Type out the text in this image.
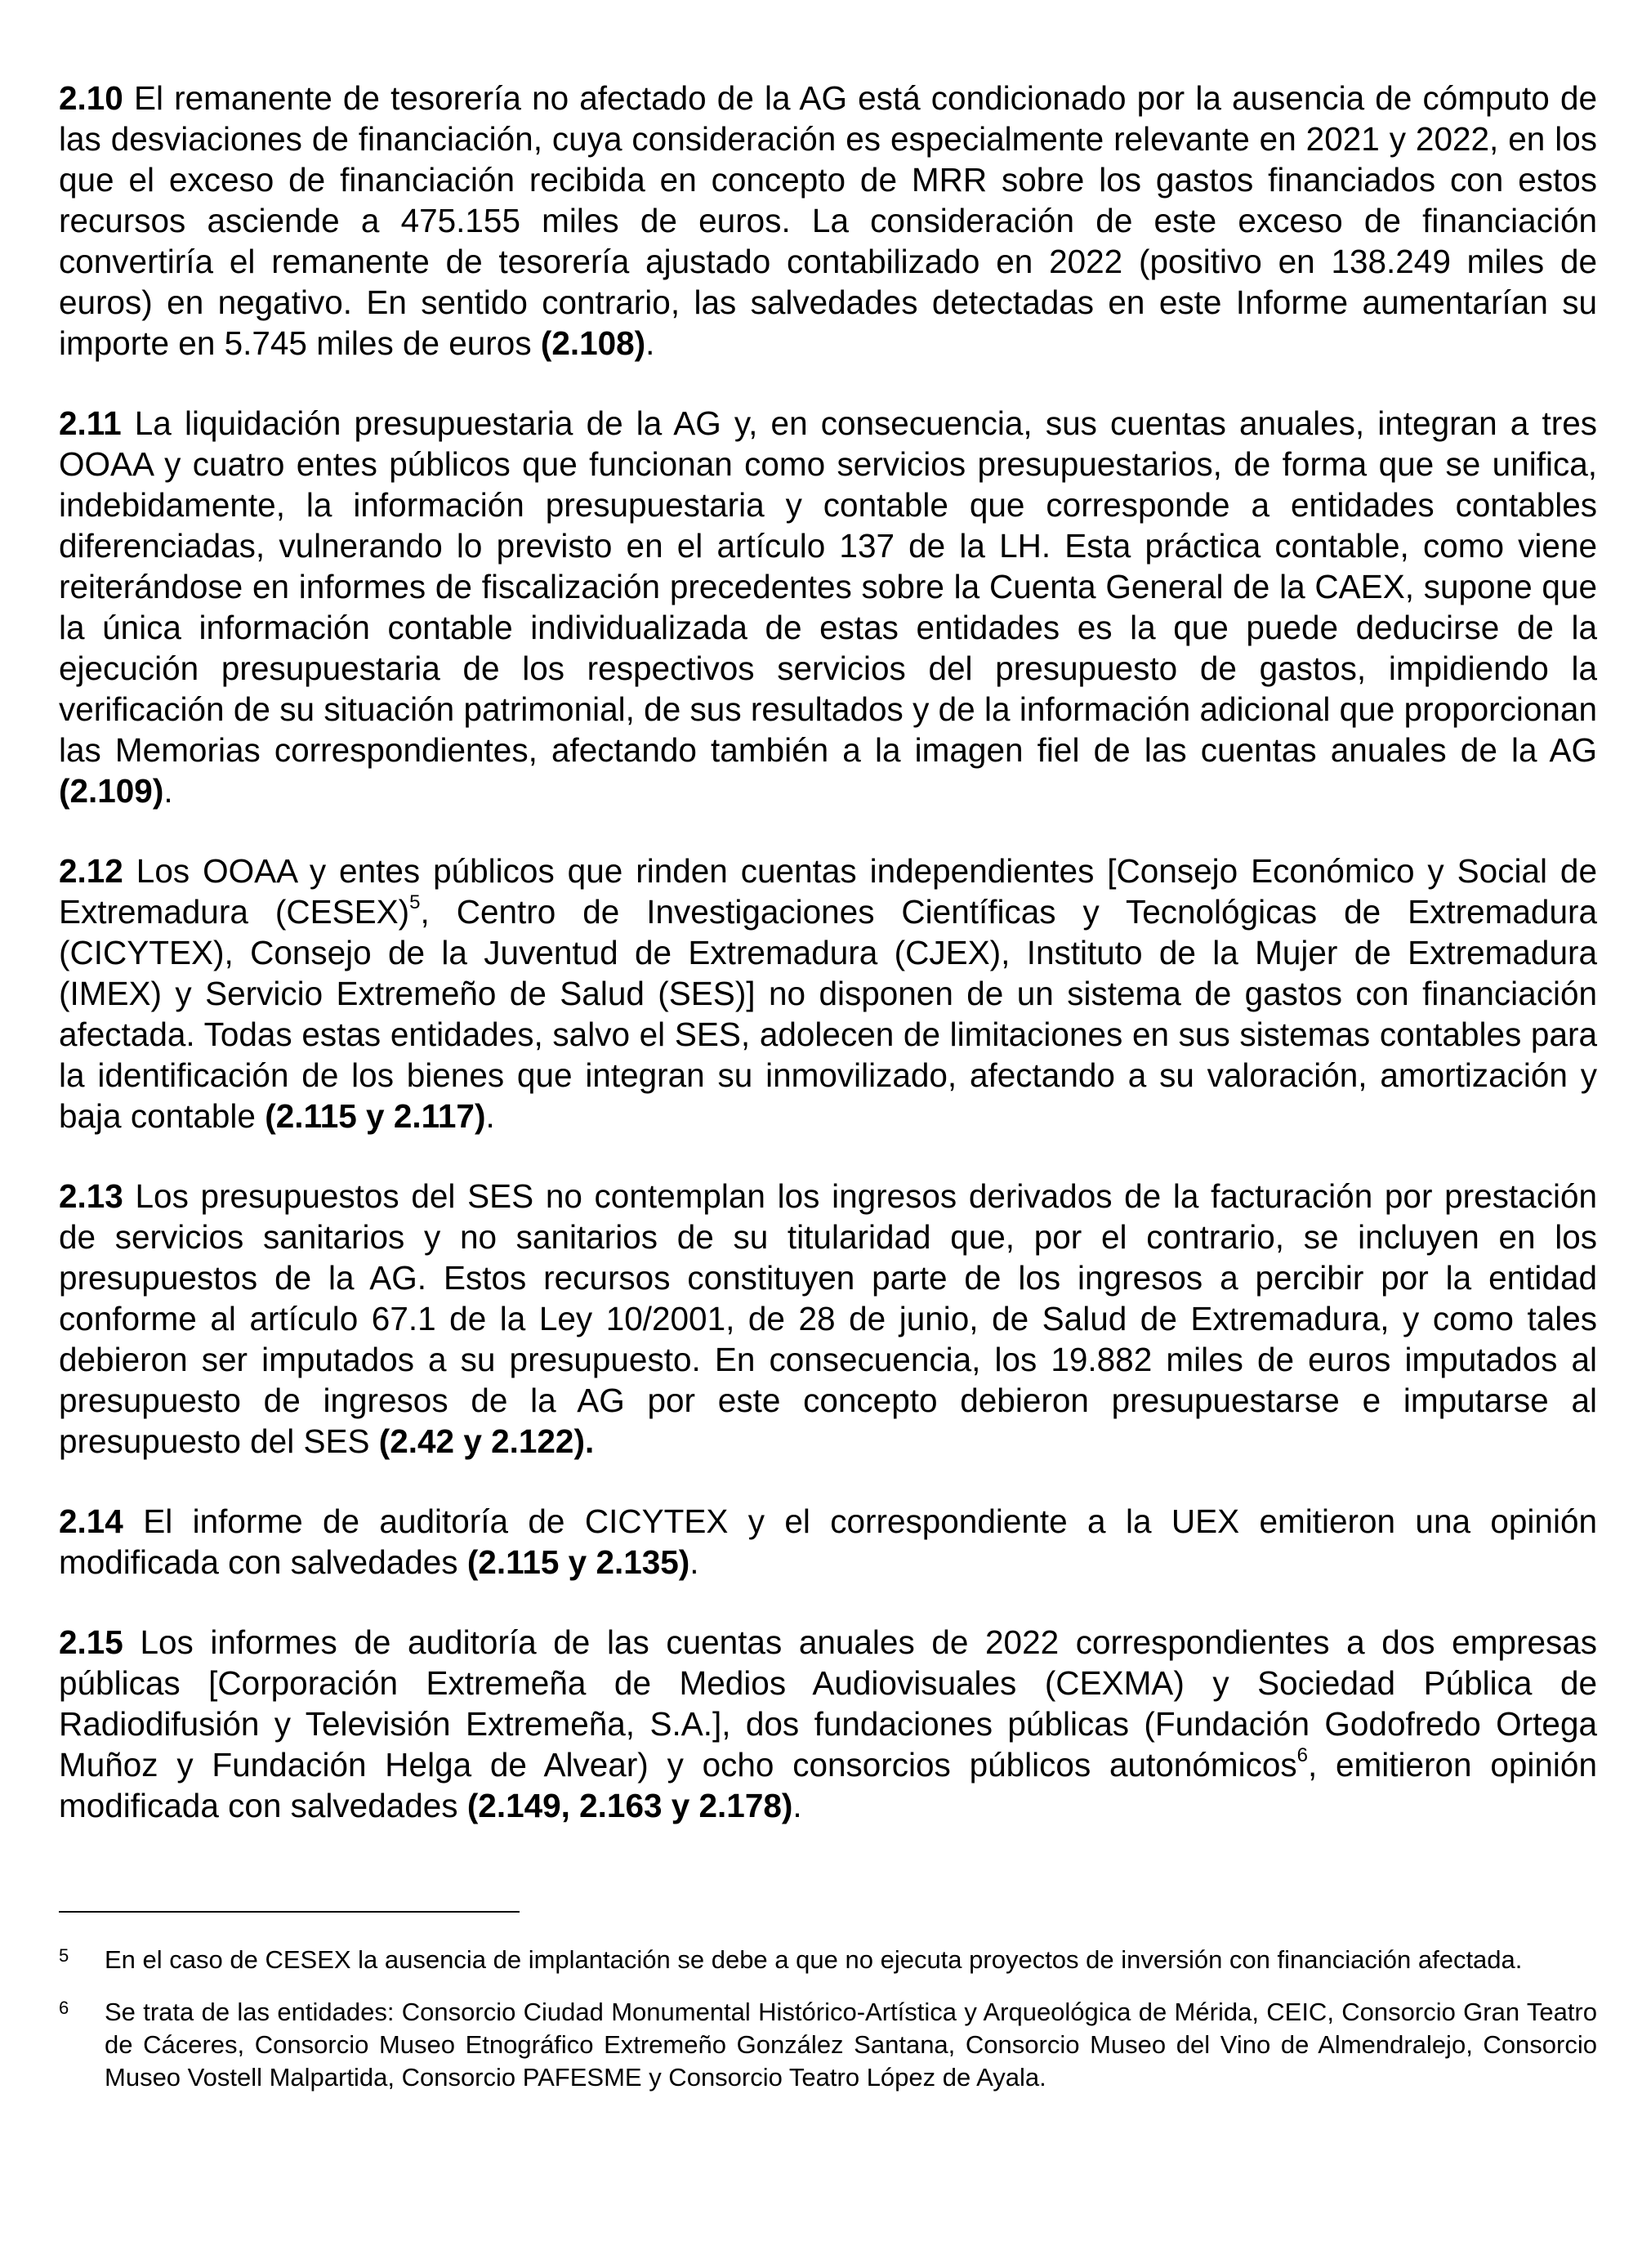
2.10 El remanente de tesorería no afectado de la AG está condicionado por la ausencia de cómputo de las desviaciones de financiación, cuya consideración es especialmente relevante en 2021 y 2022, en los que el exceso de financiación recibida en concepto de MRR sobre los gastos financiados con estos recursos asciende a 475.155 miles de euros. La consideración de este exceso de financiación convertiría el remanente de tesorería ajustado contabilizado en 2022 (positivo en 138.249 miles de euros) en negativo. En sentido contrario, las salvedades detectadas en este Informe aumentarían su importe en 5.745 miles de euros (2.108).

2.11 La liquidación presupuestaria de la AG y, en consecuencia, sus cuentas anuales, integran a tres OOAA y cuatro entes públicos que funcionan como servicios presupuestarios, de forma que se unifica, indebidamente, la información presupuestaria y contable que corresponde a entidades contables diferenciadas, vulnerando lo previsto en el artículo 137 de la LH. Esta práctica contable, como viene reiterándose en informes de fiscalización precedentes sobre la Cuenta General de la CAEX, supone que la única información contable individualizada de estas entidades es la que puede deducirse de la ejecución presupuestaria de los respectivos servicios del presupuesto de gastos, impidiendo la verificación de su situación patrimonial, de sus resultados y de la información adicional que proporcionan las Memorias correspondientes, afectando también a la imagen fiel de las cuentas anuales de la AG (2.109).

2.12 Los OOAA y entes públicos que rinden cuentas independientes [Consejo Económico y Social de Extremadura (CESEX)$^5$, Centro de Investigaciones Científicas y Tecnológicas de Extremadura (CICYTEX), Consejo de la Juventud de Extremadura (CJEX), Instituto de la Mujer de Extremadura (IMEX) y Servicio Extremeño de Salud (SES)] no disponen de un sistema de gastos con financiación afectada. Todas estas entidades, salvo el SES, adolecen de limitaciones en sus sistemas contables para la identificación de los bienes que integran su inmovilizado, afectando a su valoración, amortización y baja contable (2.115 y 2.117).

2.13 Los presupuestos del SES no contemplan los ingresos derivados de la facturación por prestación de servicios sanitarios y no sanitarios de su titularidad que, por el contrario, se incluyen en los presupuestos de la AG. Estos recursos constituyen parte de los ingresos a percibir por la entidad conforme al artículo 67.1 de la Ley 10/2001, de 28 de junio, de Salud de Extremadura, y como tales debieron ser imputados a su presupuesto. En consecuencia, los 19.882 miles de euros imputados al presupuesto de ingresos de la AG por este concepto debieron presupuestarse e imputarse al presupuesto del SES (2.42 y 2.122).

2.14 El informe de auditoría de CICYTEX y el correspondiente a la UEX emitieron una opinión modificada con salvedades (2.115 y 2.135).

2.15 Los informes de auditoría de las cuentas anuales de 2022 correspondientes a dos empresas públicas [Corporación Extremeña de Medios Audiovisuales (CEXMA) y Sociedad Pública de Radiodifusión y Televisión Extremeña, S.A.], dos fundaciones públicas (Fundación Godofredo Ortega Muñoz y Fundación Helga de Alvear) y ocho consorcios públicos autonómicos$^6$, emitieron opinión modificada con salvedades (2.149, 2.163 y 2.178).

5	En el caso de CESEX la ausencia de implantación se debe a que no ejecuta proyectos de inversión con financiación afectada.
6	Se trata de las entidades: Consorcio Ciudad Monumental Histórico-Artística y Arqueológica de Mérida, CEIC, Consorcio Gran Teatro de Cáceres, Consorcio Museo Etnográfico Extremeño González Santana, Consorcio Museo del Vino de Almendralejo, Consorcio Museo Vostell Malpartida, Consorcio PAFESME y Consorcio Teatro López de Ayala.
